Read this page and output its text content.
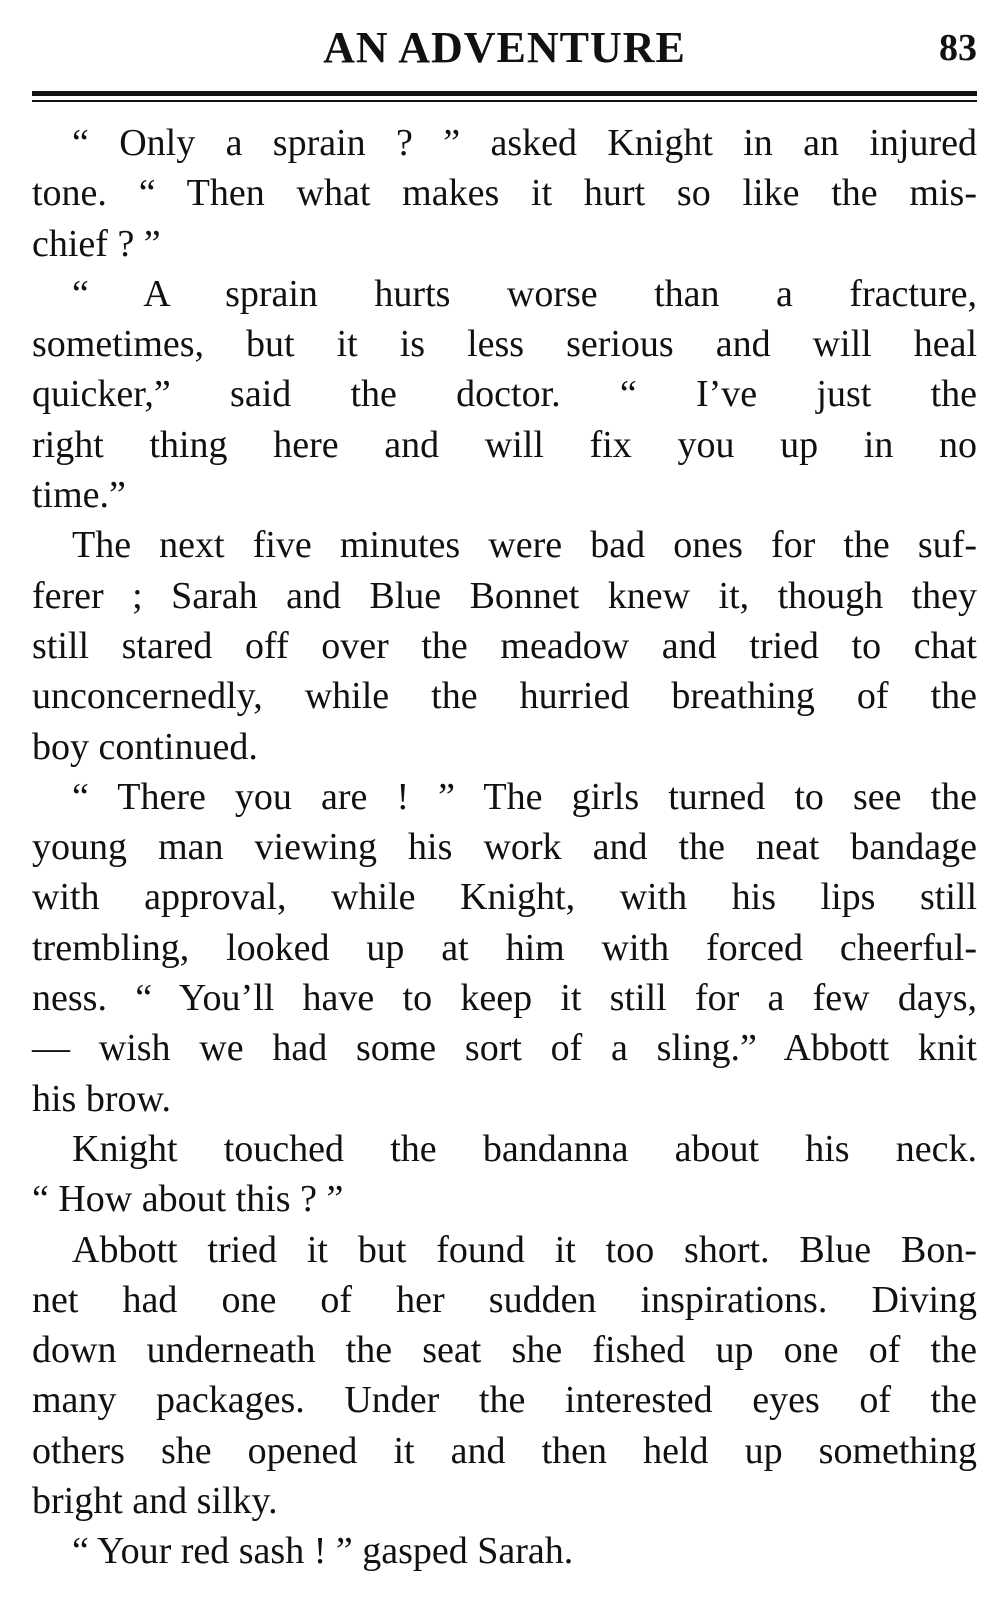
AN ADVENTURE	83
“ Only a sprain ? ” asked Knight in an injured
tone. “ Then what makes it hurt so like the mis-
chief ? ”
“ A sprain hurts worse than a fracture,
sometimes, but it is less serious and will heal
quicker,” said the doctor. “ I’ve just the
right thing here and will fix you up in no
time.”
The next five minutes were bad ones for the suf-
ferer ; Sarah and Blue Bonnet knew it, though they
still stared off over the meadow and tried to chat
unconcernedly, while the hurried breathing of the
boy continued.
“ There you are ! ” The girls turned to see the
young man viewing his work and the neat bandage
with approval, while Knight, with his lips still
trembling, looked up at him with forced cheerful-
ness. “ You’ll have to keep it still for a few days,
— wish we had some sort of a sling.” Abbott knit
his brow.
Knight touched the bandanna about his neck.
“ How about this ? ”
Abbott tried it but found it too short. Blue Bon-
net had one of her sudden inspirations. Diving
down underneath the seat she fished up one of the
many packages. Under the interested eyes of the
others she opened it and then held up something
bright and silky.
“ Your red sash ! ” gasped Sarah.
